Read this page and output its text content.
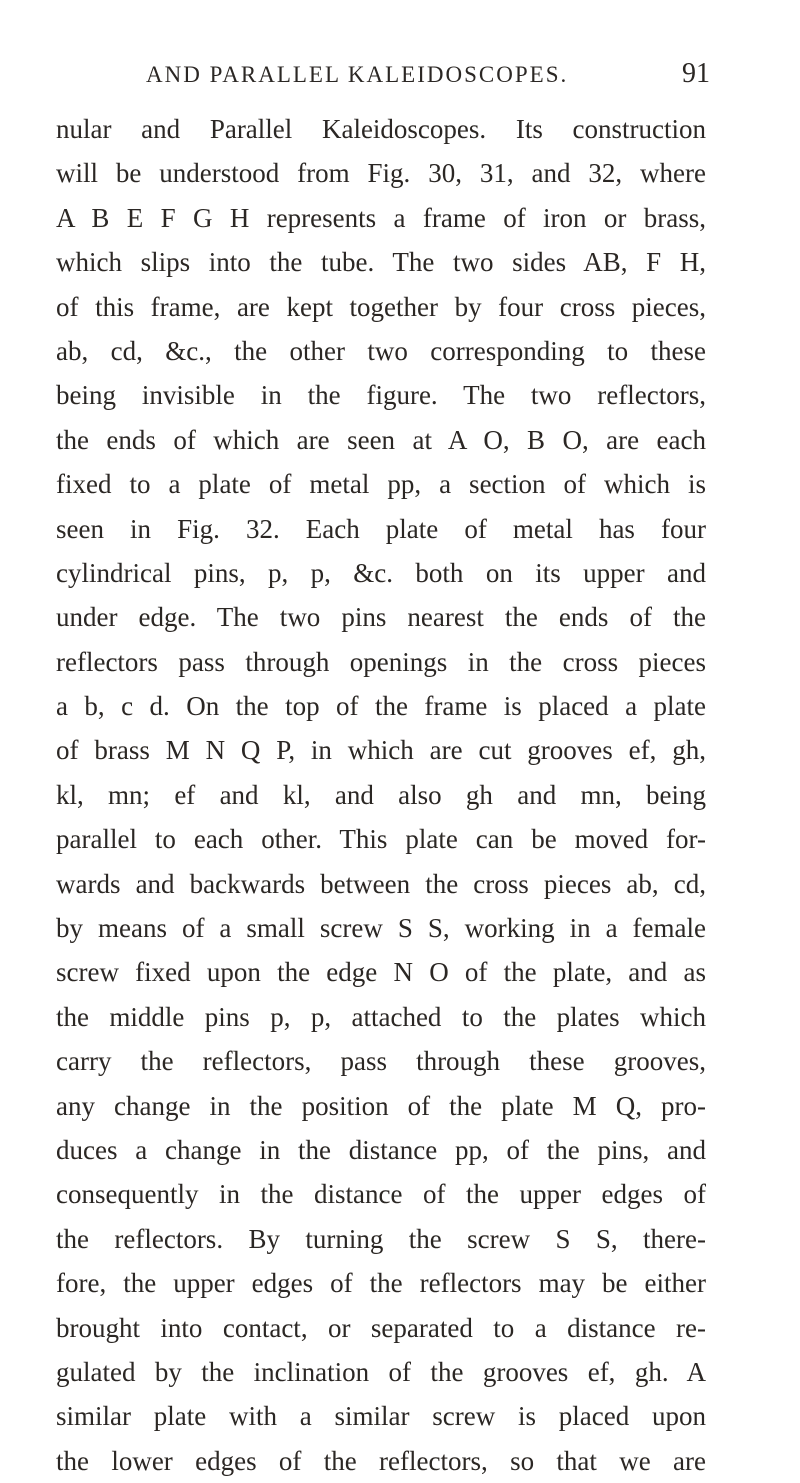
AND PARALLEL KALEIDOSCOPES.	91
nular and Parallel Kaleidoscopes. Its construction
will be understood from Fig. 30, 31, and 32, where
A B E F G H represents a frame of iron or brass,
which slips into the tube. The two sides AB, F H,
of this frame, are kept together by four cross pieces,
ab, cd, &c., the other two corresponding to these
being invisible in the figure. The two reflectors,
the ends of which are seen at A O, B O, are each
fixed to a plate of metal pp, a section of which is
seen in Fig. 32. Each plate of metal has four
cylindrical pins, p, p, &c. both on its upper and
under edge. The two pins nearest the ends of the
reflectors pass through openings in the cross pieces
a b, c d. On the top of the frame is placed a plate
of brass M N Q P, in which are cut grooves ef, gh,
kl, mn; ef and kl, and also gh and mn, being
parallel to each other. This plate can be moved for-
wards and backwards between the cross pieces ab, cd,
by means of a small screw S S, working in a female
screw fixed upon the edge N O of the plate, and as
the middle pins p, p, attached to the plates which
carry the reflectors, pass through these grooves,
any change in the position of the plate M Q, pro-
duces a change in the distance pp, of the pins, and
consequently in the distance of the upper edges of
the reflectors. By turning the screw S S, there-
fore, the upper edges of the reflectors may be either
brought into contact, or separated to a distance re-
gulated by the inclination of the grooves ef, gh. A
similar plate with a similar screw is placed upon
the lower edges of the reflectors, so that we are
